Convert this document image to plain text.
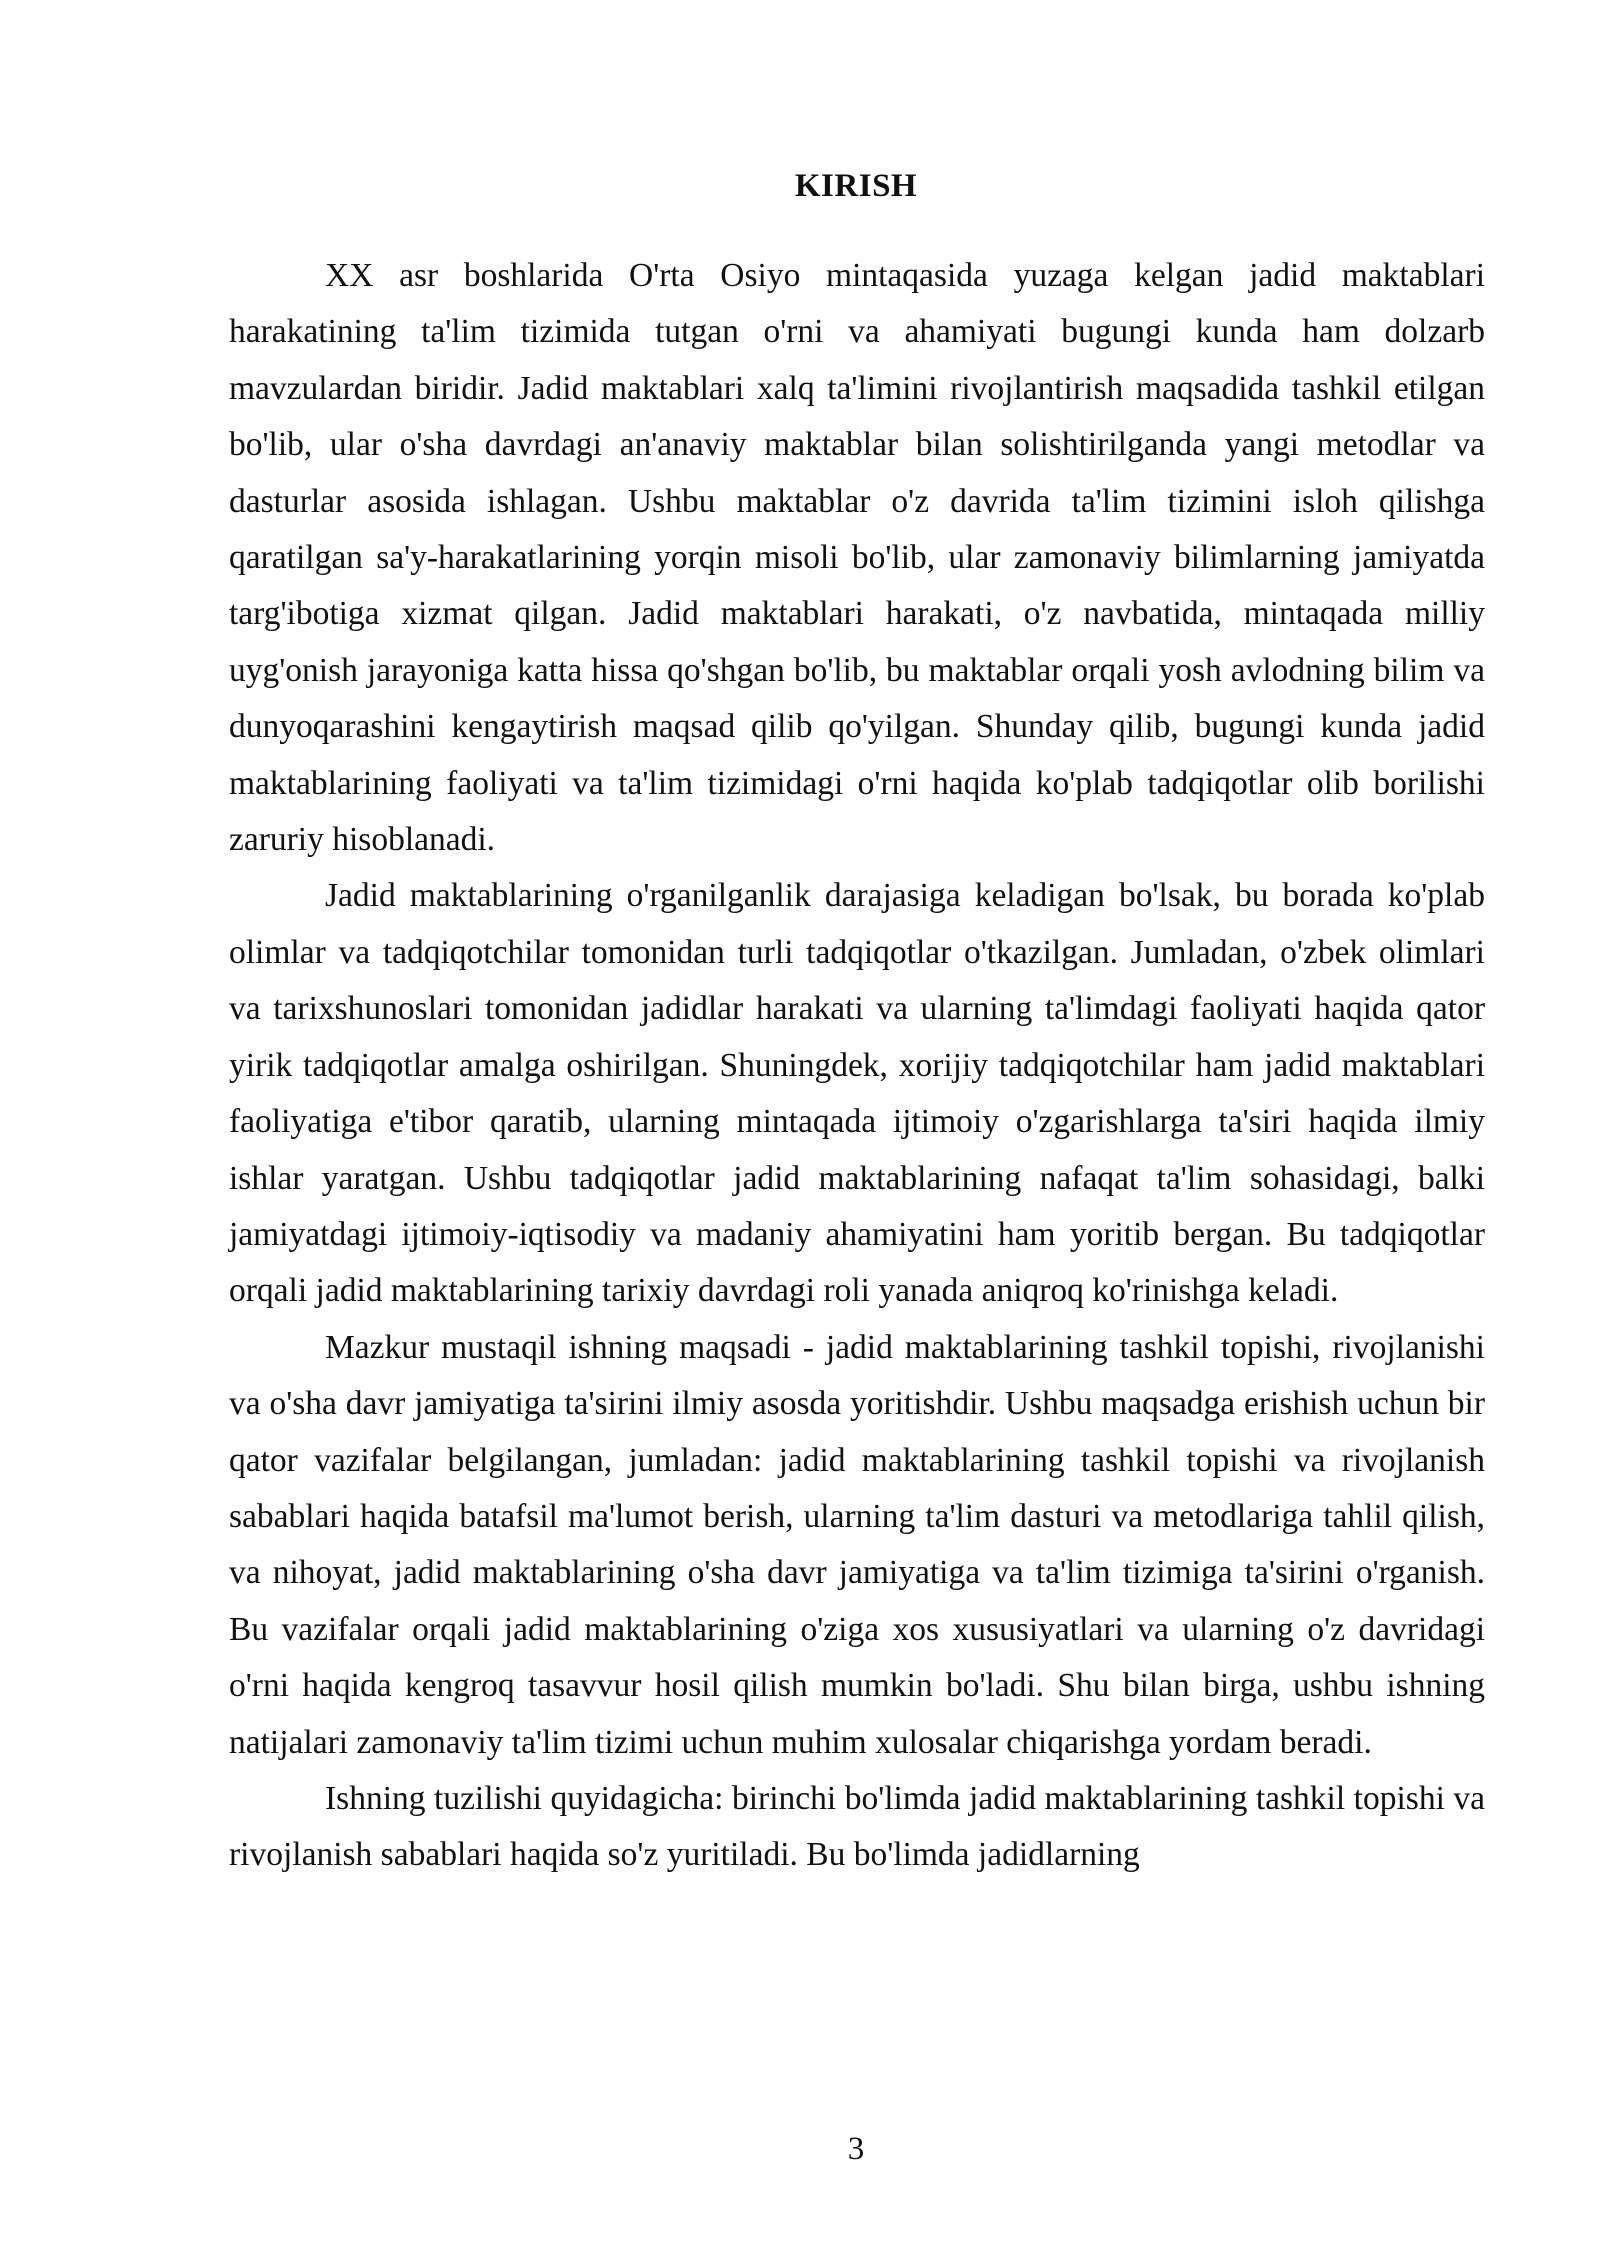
KIRISH

XX asr boshlarida O'rta Osiyo mintaqasida yuzaga kelgan jadid maktablari harakatining ta'lim tizimida tutgan o'rni va ahamiyati bugungi kunda ham dolzarb mavzulardan biridir. Jadid maktablari xalq ta'limini rivojlantirish maqsadida tashkil etilgan bo'lib, ular o'sha davrdagi an'anaviy maktablar bilan solishtirilganda yangi metodlar va dasturlar asosida ishlagan. Ushbu maktablar o'z davrida ta'lim tizimini isloh qilishga qaratilgan sa'y-harakatlarining yorqin misoli bo'lib, ular zamonaviy bilimlarning jamiyatda targ'ibotiga xizmat qilgan. Jadid maktablari harakati, o'z navbatida, mintaqada milliy uyg'onish jarayoniga katta hissa qo'shgan bo'lib, bu maktablar orqali yosh avlodning bilim va dunyoqarashini kengaytirish maqsad qilib qo'yilgan. Shunday qilib, bugungi kunda jadid maktablarining faoliyati va ta'lim tizimidagi o'rni haqida ko'plab tadqiqotlar olib borilishi zaruriy hisoblanadi.

Jadid maktablarining o'rganilganlik darajasiga keladigan bo'lsak, bu borada ko'plab olimlar va tadqiqotchilar tomonidan turli tadqiqotlar o'tkazilgan. Jumladan, o'zbek olimlari va tarixshunoslari tomonidan jadidlar harakati va ularning ta'limdagi faoliyati haqida qator yirik tadqiqotlar amalga oshirilgan. Shuningdek, xorijiy tadqiqotchilar ham jadid maktablari faoliyatiga e'tibor qaratib, ularning mintaqada ijtimoiy o'zgarishlarga ta'siri haqida ilmiy ishlar yaratgan. Ushbu tadqiqotlar jadid maktablarining nafaqat ta'lim sohasidagi, balki jamiyatdagi ijtimoiy-iqtisodiy va madaniy ahamiyatini ham yoritib bergan. Bu tadqiqotlar orqali jadid maktablarining tarixiy davrdagi roli yanada aniqroq ko'rinishga keladi.

Mazkur mustaqil ishning maqsadi - jadid maktablarining tashkil topishi, rivojlanishi va o'sha davr jamiyatiga ta'sirini ilmiy asosda yoritishdir. Ushbu maqsadga erishish uchun bir qator vazifalar belgilangan, jumladan: jadid maktablarining tashkil topishi va rivojlanish sabablari haqida batafsil ma'lumot berish, ularning ta'lim dasturi va metodlariga tahlil qilish, va nihoyat, jadid maktablarining o'sha davr jamiyatiga va ta'lim tizimiga ta'sirini o'rganish. Bu vazifalar orqali jadid maktablarining o'ziga xos xususiyatlari va ularning o'z davridagi o'rni haqida kengroq tasavvur hosil qilish mumkin bo'ladi. Shu bilan birga, ushbu ishning natijalari zamonaviy ta'lim tizimi uchun muhim xulosalar chiqarishga yordam beradi.

Ishning tuzilishi quyidagicha: birinchi bo'limda jadid maktablarining tashkil topishi va rivojlanish sabablari haqida so'z yuritiladi. Bu bo'limda jadidlarning

3
